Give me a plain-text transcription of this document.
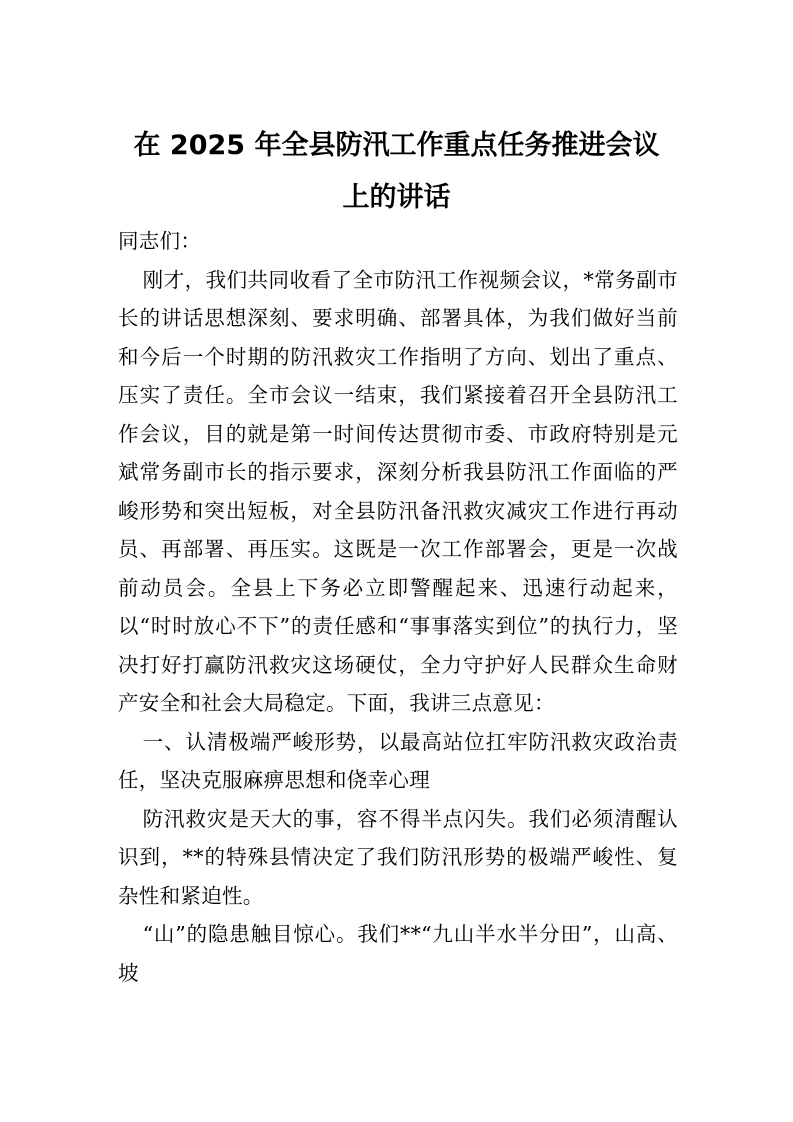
在 2025 年全县防汛工作重点任务推进会议
上的讲话

同志们：

刚才，我们共同收看了全市防汛工作视频会议，*常务副市长的讲话思想深刻、要求明确、部署具体，为我们做好当前和今后一个时期的防汛救灾工作指明了方向、划出了重点、压实了责任。全市会议一结束，我们紧接着召开全县防汛工作会议，目的就是第一时间传达贯彻市委、市政府特别是元斌常务副市长的指示要求，深刻分析我县防汛工作面临的严峻形势和突出短板，对全县防汛备汛救灾减灾工作进行再动员、再部署、再压实。这既是一次工作部署会，更是一次战前动员会。全县上下务必立即警醒起来、迅速行动起来，以“时时放心不下”的责任感和“事事落实到位”的执行力，坚决打好打赢防汛救灾这场硬仗，全力守护好人民群众生命财产安全和社会大局稳定。下面，我讲三点意见：

一、认清极端严峻形势，以最高站位扛牢防汛救灾政治责任，坚决克服麻痹思想和侥幸心理

防汛救灾是天大的事，容不得半点闪失。我们必须清醒认识到，**的特殊县情决定了我们防汛形势的极端严峻性、复杂性和紧迫性。

“山”的隐患触目惊心。我们**“九山半水半分田”，山高、坡
